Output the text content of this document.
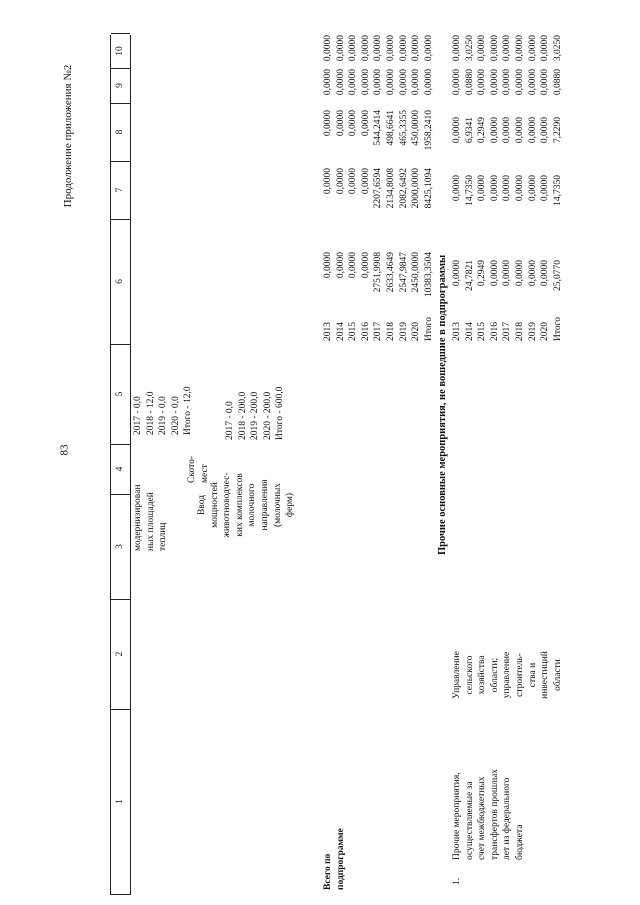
83
Продолжение приложения №2
1
2
3
4
5
6
7
8
9
10
модернизирован ных площадей теплиц
2017 - 0,0 2018 - 12,0 2019 - 0,0 2020 - 0,0 Итого - 12,0
Ввод мощностей животноводчес- ких комплексов молочного направления (молочных ферм)
Ското- мест
2017 - 0,0 2018 - 200,0 2019 - 200,0 2020 - 200,0 Итого - 600,0
Всего по подпрограмме
2013 2014 2015 2016 2017 2018 2019 2020 Итого
0,0000 0,0000 0,0000 0,0000 2751,9908 2633,4649 2547,9847 2450,0000 10383,3504
0,0000 0,0000 0,0000 0,0000 2207,6594 2134,8008 2082,6492 2000,0000 8425,1094
0,0000 0,0000 0,0000 0,0000 544,2414 498,6641 465,3355 450,0000 1958,2410
0,0000 0,0000 0,0000 0,0000 0,0000 0,0000 0,0000 0,0000 0,0000
0,0000 0,0000 0,0000 0,0000 0,0000 0,0000 0,0000 0,0000 0,0000
Прочие основные мероприятия, не вошедшие в подпрограммы
1.
Прочие мероприятия, осуществляемые за счет межбюджетных трансфертов прошлых лет из федерального бюджета
Управление сельского хозяйства области; управление строитель- ства и инвестиций области
2013 2014 2015 2016 2017 2018 2019 2020 Итого
0,0000 24,7821 0,2949 0,0000 0,0000 0,0000 0,0000 0,0000 25,0770
0,0000 14,7350 0,0000 0,0000 0,0000 0,0000 0,0000 0,0000 14,7350
0,0000 6,9341 0,2949 0,0000 0,0000 0,0000 0,0000 0,0000 7,2290
0,0000 0,0880 0,0000 0,0000 0,0000 0,0000 0,0000 0,0000 0,0880
0,0000 3,0250 0,0000 0,0000 0,0000 0,0000 0,0000 0,0000 3,0250
